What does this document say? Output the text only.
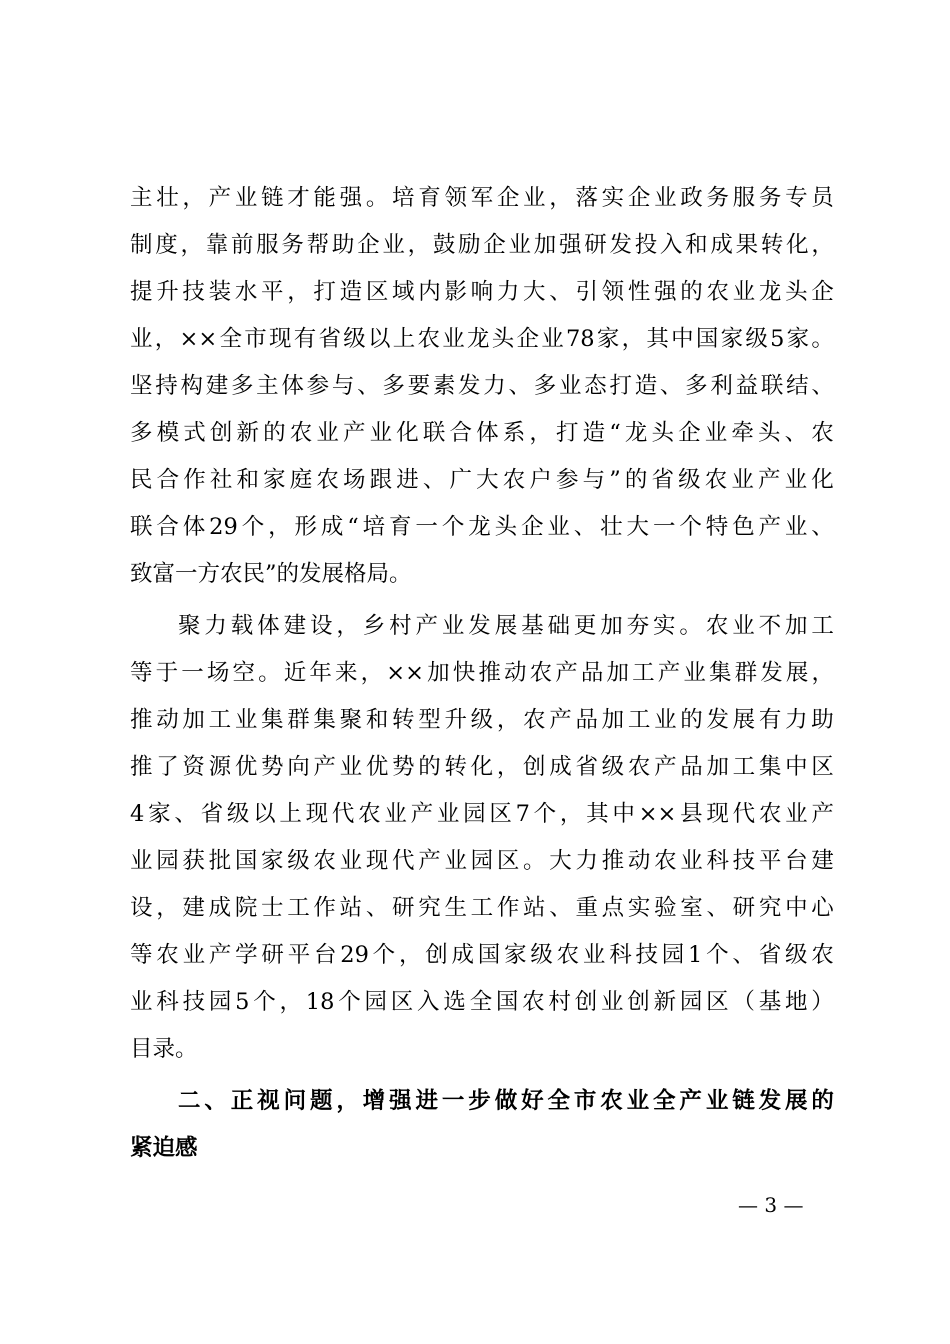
主 壮 ， 产 业 链 才 能 强 。 培 育 领 军 企 业 ， 落 实 企 业 政 务 服 务 专 员
制 度 ， 靠 前 服 务 帮 助 企 业 ， 鼓 励 企 业 加 强 研 发 投 入 和 成 果 转 化 ，
提 升 技 装 水 平 ， 打 造 区 域 内 影 响 力 大 、 引 领 性 强 的 农 业 龙 头 企
业 ， ×× 全 市 现 有 省 级 以 上 农 业 龙 头 企 业 78 家 ， 其 中 国 家 级 5 家 。
坚 持 构 建 多 主 体 参 与 、 多 要 素 发 力 、 多 业 态 打 造 、 多 利 益 联 结 、
多 模 式 创 新 的 农 业 产 业 化 联 合 体 系 ， 打 造 “ 龙 头 企 业 牵 头 、 农
民 合 作 社 和 家 庭 农 场 跟 进 、 广 大 农 户 参 与 ” 的 省 级 农 业 产 业 化
联 合 体 29 个 ， 形 成 “ 培 育 一 个 龙 头 企 业 、 壮 大 一 个 特 色 产 业 、
致富一方农民”的发展格局。
聚 力 载 体 建 设 ， 乡 村 产 业 发 展 基 础 更 加 夯 实 。 农 业 不 加 工
等 于 一 场 空 。 近 年 来 ， ×× 加 快 推 动 农 产 品 加 工 产 业 集 群 发 展 ，
推 动 加 工 业 集 群 集 聚 和 转 型 升 级 ， 农 产 品 加 工 业 的 发 展 有 力 助
推 了 资 源 优 势 向 产 业 优 势 的 转 化 ， 创 成 省 级 农 产 品 加 工 集 中 区
4 家 、 省 级 以 上 现 代 农 业 产 业 园 区 7 个 ， 其 中 ×× 县 现 代 农 业 产
业 园 获 批 国 家 级 农 业 现 代 产 业 园 区 。 大 力 推 动 农 业 科 技 平 台 建
设 ， 建 成 院 士 工 作 站 、 研 究 生 工 作 站 、 重 点 实 验 室 、 研 究 中 心
等 农 业 产 学 研 平 台 29 个 ， 创 成 国 家 级 农 业 科 技 园 1 个 、 省 级 农
业 科 技 园 5 个 ， 18 个 园 区 入 选 全 国 农 村 创 业 创 新 园 区 （ 基 地 ）
目录。
二 、 正 视 问 题 ， 增 强 进 一 步 做 好 全 市 农 业 全 产 业 链 发 展 的
紧迫感
— 3 —
